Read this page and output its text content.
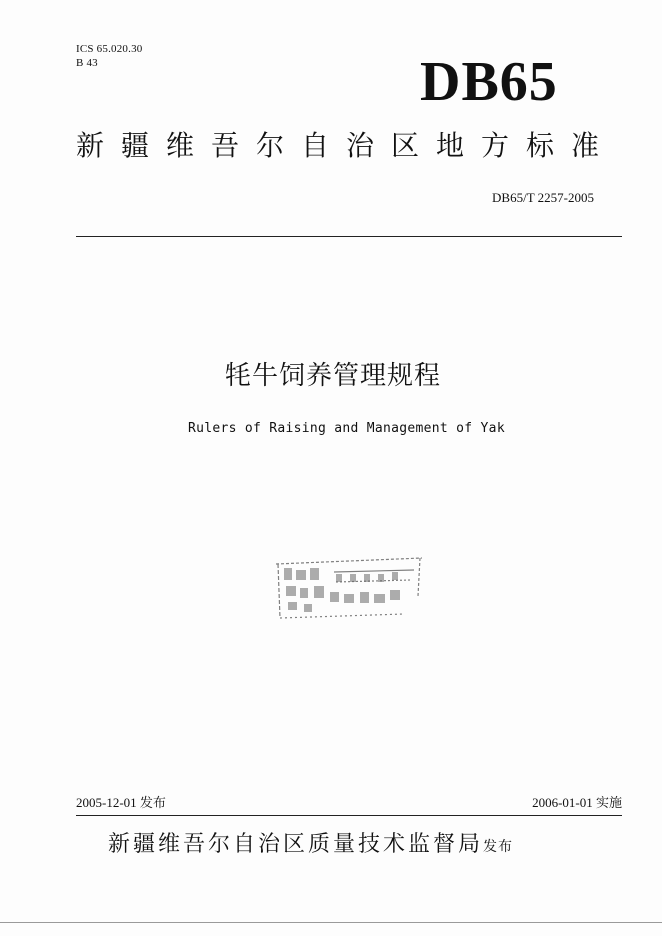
ICS 65.020.30
B 43	DB65
新疆维吾尔自治区地方标准
DB65/T 2257-2005
牦牛饲养管理规程
Rulers of Raising and Management of Yak
2005-12-01 发布	2006-01-01 实施
新疆维吾尔自治区质量技术监督局发布
